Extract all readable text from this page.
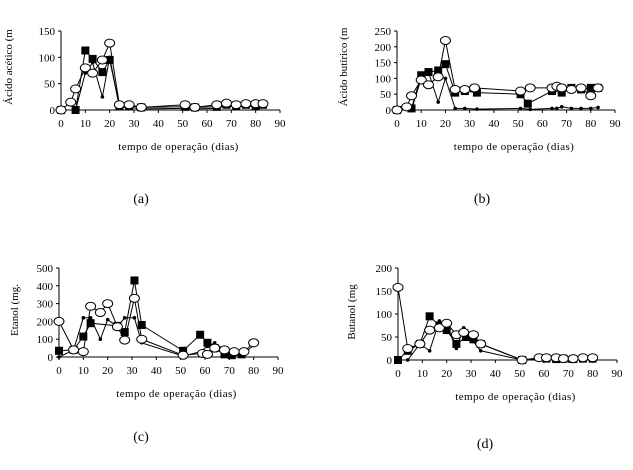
0 10 20 30 40 50 60 70 80 90
0
50
100
150
tempo de operação (dias)
Ácido acético (m
(a)
0 10 20 30 40 50 60 70 80 90
0
50
100
150
200
250
tempo de operação (dias)
Ácido butírico (m
(b)
0 10 20 30 40 50 60 70 80 90
0
100
200
300
400
500
tempo de operação (dias)
Etanol (mg.
(c)
0 10 20 30 40 50 60 70 80 90
0
50
100
150
200
tempo de operação (dias)
Butanol (mg
(d)
